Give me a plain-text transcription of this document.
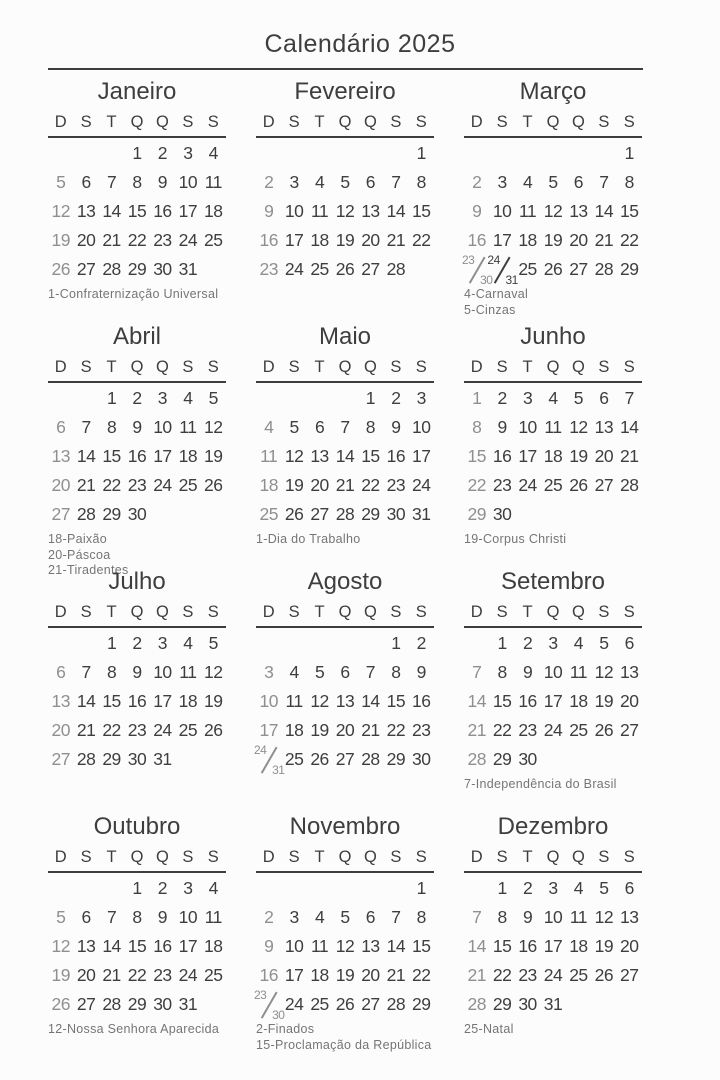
Calendário 2025
Janeiro
D S T Q Q S S
1 2 3 4
5 6 7 8 9 10 11
12 13 14 15 16 17 18
19 20 21 22 23 24 25
26 27 28 29 30 31
1-Confraternização Universal
Fevereiro
D S T Q Q S S
1
2 3 4 5 6 7 8
9 10 11 12 13 14 15
16 17 18 19 20 21 22
23 24 25 26 27 28
Março
D S T Q Q S S
1
2 3 4 5 6 7 8
9 10 11 12 13 14 15
16 17 18 19 20 21 22
23
30
24
31
25 26 27 28 29
4-Carnaval
5-Cinzas
Abril
D S T Q Q S S
1 2 3 4 5
6 7 8 9 10 11 12
13 14 15 16 17 18 19
20 21 22 23 24 25 26
27 28 29 30
18-Paixão
20-Páscoa
21-Tiradentes
Maio
D S T Q Q S S
1 2 3
4 5 6 7 8 9 10
11 12 13 14 15 16 17
18 19 20 21 22 23 24
25 26 27 28 29 30 31
1-Dia do Trabalho
Junho
D S T Q Q S S
1 2 3 4 5 6 7
8 9 10 11 12 13 14
15 16 17 18 19 20 21
22 23 24 25 26 27 28
29 30
19-Corpus Christi
Julho
D S T Q Q S S
1 2 3 4 5
6 7 8 9 10 11 12
13 14 15 16 17 18 19
20 21 22 23 24 25 26
27 28 29 30 31
Agosto
D S T Q Q S S
1 2
3 4 5 6 7 8 9
10 11 12 13 14 15 16
17 18 19 20 21 22 23
24
31
25 26 27 28 29 30
Setembro
D S T Q Q S S
1 2 3 4 5 6
7 8 9 10 11 12 13
14 15 16 17 18 19 20
21 22 23 24 25 26 27
28 29 30
7-Independência do Brasil
Outubro
D S T Q Q S S
1 2 3 4
5 6 7 8 9 10 11
12 13 14 15 16 17 18
19 20 21 22 23 24 25
26 27 28 29 30 31
12-Nossa Senhora Aparecida
Novembro
D S T Q Q S S
1
2 3 4 5 6 7 8
9 10 11 12 13 14 15
16 17 18 19 20 21 22
23
30
24 25 26 27 28 29
2-Finados
15-Proclamação da República
Dezembro
D S T Q Q S S
1 2 3 4 5 6
7 8 9 10 11 12 13
14 15 16 17 18 19 20
21 22 23 24 25 26 27
28 29 30 31
25-Natal
